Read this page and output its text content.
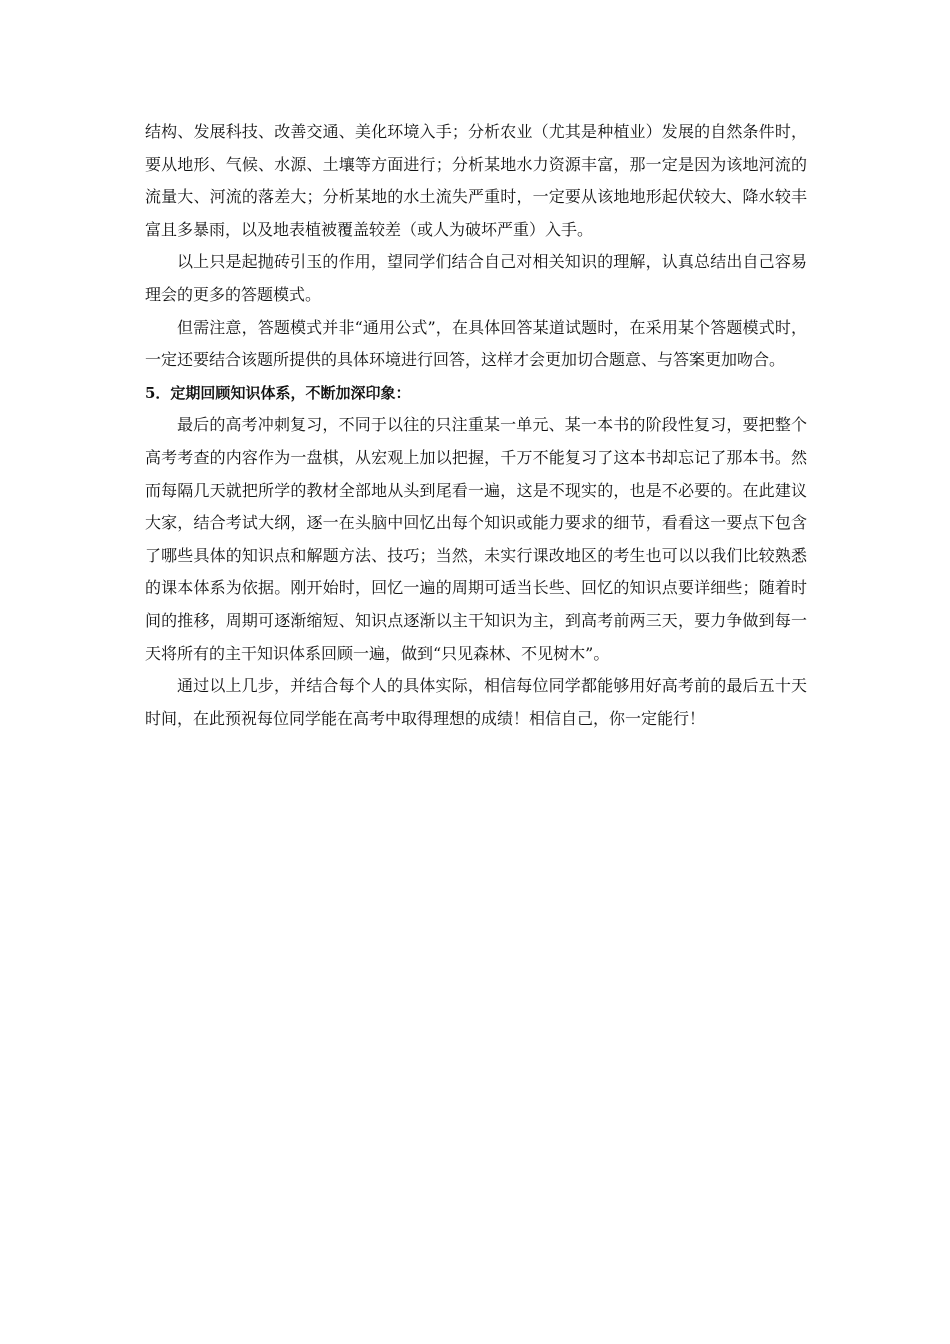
结构、发展科技、改善交通、美化环境入手；分析农业（尤其是种植业）发展的自然条件时，要从地形、气候、水源、土壤等方面进行；分析某地水力资源丰富，那一定是因为该地河流的流量大、河流的落差大；分析某地的水土流失严重时，一定要从该地地形起伏较大、降水较丰富且多暴雨，以及地表植被覆盖较差（或人为破坏严重）入手。

以上只是起抛砖引玉的作用，望同学们结合自己对相关知识的理解，认真总结出自己容易理会的更多的答题模式。

但需注意，答题模式并非“通用公式”，在具体回答某道试题时，在采用某个答题模式时，一定还要结合该题所提供的具体环境进行回答，这样才会更加切合题意、与答案更加吻合。

5．定期回顾知识体系，不断加深印象：

最后的高考冲刺复习，不同于以往的只注重某一单元、某一本书的阶段性复习，要把整个高考考查的内容作为一盘棋，从宏观上加以把握，千万不能复习了这本书却忘记了那本书。然而每隔几天就把所学的教材全部地从头到尾看一遍，这是不现实的，也是不必要的。在此建议大家，结合考试大纲，逐一在头脑中回忆出每个知识或能力要求的细节，看看这一要点下包含了哪些具体的知识点和解题方法、技巧；当然，未实行课改地区的考生也可以以我们比较熟悉的课本体系为依据。刚开始时，回忆一遍的周期可适当长些、回忆的知识点要详细些；随着时间的推移，周期可逐渐缩短、知识点逐渐以主干知识为主，到高考前两三天，要力争做到每一天将所有的主干知识体系回顾一遍，做到“只见森林、不见树木”。

通过以上几步，并结合每个人的具体实际，相信每位同学都能够用好高考前的最后五十天时间，在此预祝每位同学能在高考中取得理想的成绩！相信自己，你一定能行！
